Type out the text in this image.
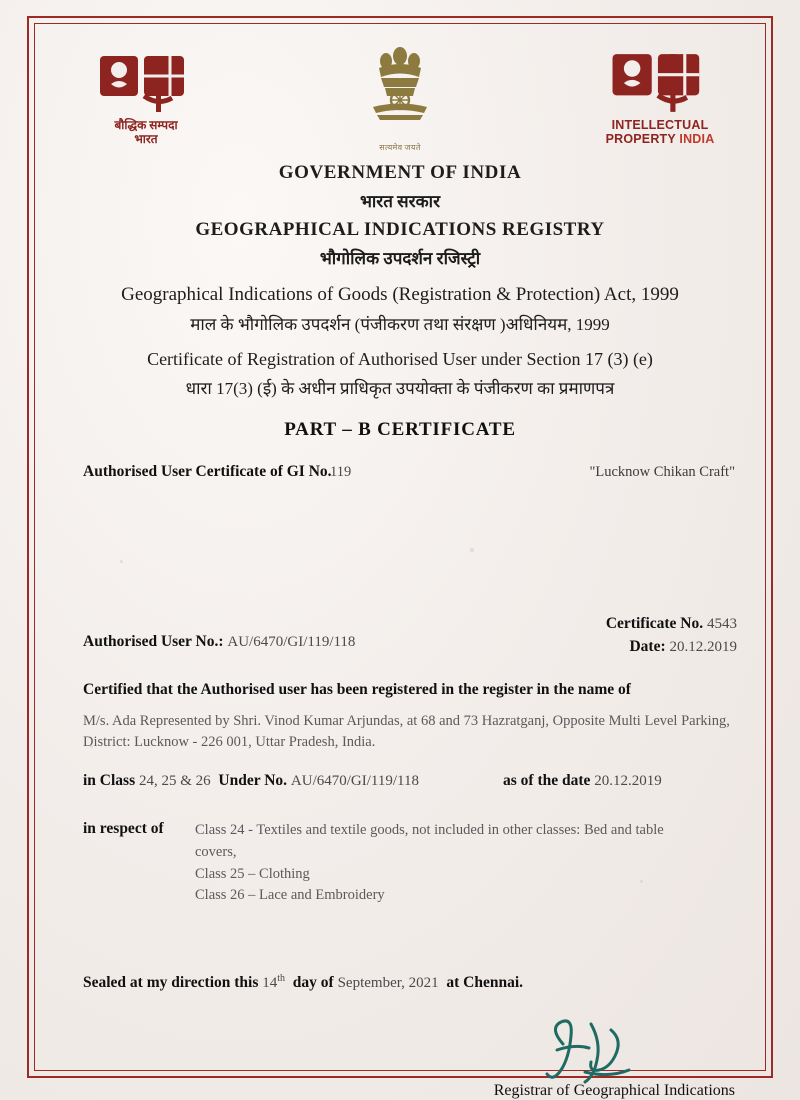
बौद्धिक सम्पदा
भारत
सत्यमेव जयते
INTELLECTUAL
PROPERTY INDIA
GOVERNMENT OF INDIA
भारत सरकार
GEOGRAPHICAL INDICATIONS REGISTRY
भौगोलिक उपदर्शन रजिस्ट्री
Geographical Indications of Goods (Registration & Protection) Act, 1999
माल के भौगोलिक उपदर्शन (पंजीकरण तथा संरक्षण )अधिनियम, 1999
Certificate of Registration of Authorised User under Section 17 (3) (e)
धारा 17(3) (ई) के अधीन प्राधिकृत उपयोक्ता के पंजीकरण का प्रमाणपत्र
PART – B CERTIFICATE
Authorised User Certificate of GI No.
119	"Lucknow Chikan Craft"
Certificate No. 4543
Date: 20.12.2019
Authorised User No.: AU/6470/GI/119/118
Certified that the Authorised user has been registered in the register in the name of
M/s. Ada Represented by Shri. Vinod Kumar Arjundas, at 68 and 73 Hazratganj, Opposite Multi Level Parking, District: Lucknow - 226 001, Uttar Pradesh, India.
in Class 24, 25 & 26 Under No. AU/6470/GI/119/118	as of the date 20.12.2019
in respect of Class 24 - Textiles and textile goods, not included in other classes: Bed and table covers,
Class 25 – Clothing
Class 26 – Lace and Embroidery
Sealed at my direction this 14th day of September, 2021 at Chennai.
Registrar of Geographical Indications
